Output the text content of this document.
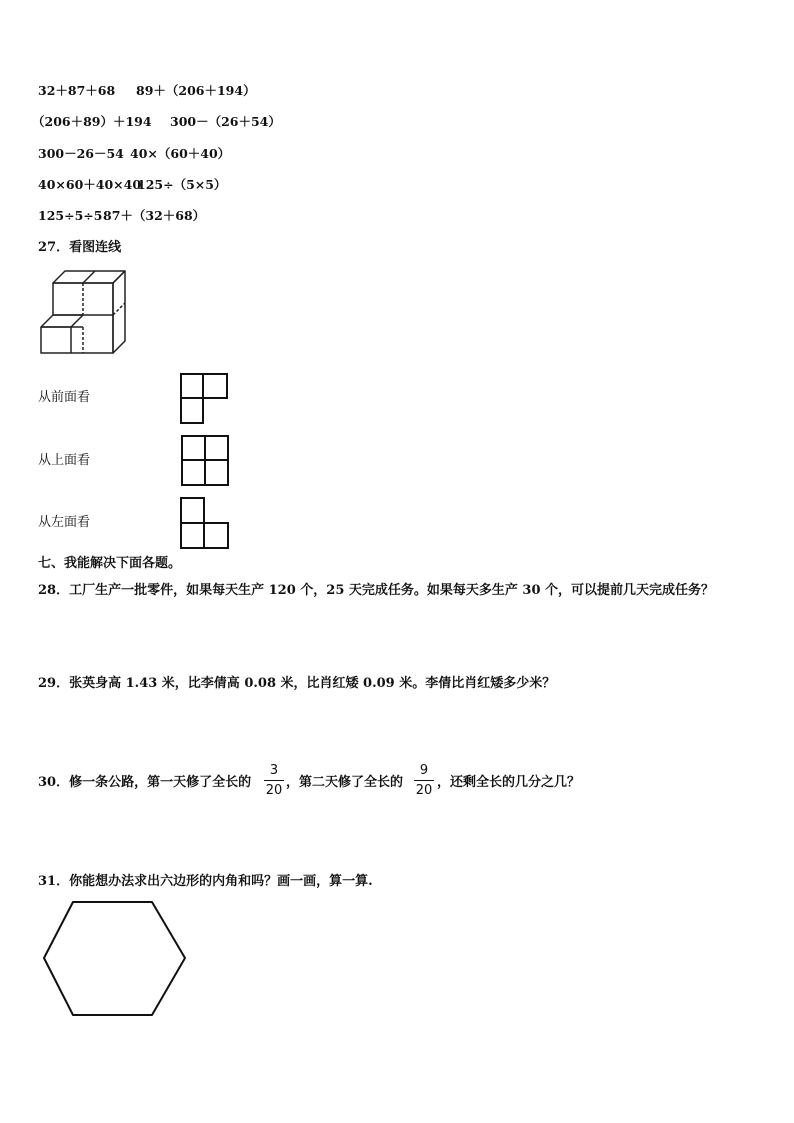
32＋87＋68 89＋（206＋194）
（206＋89）＋194 300－（26＋54）
300－26－54 40×（60＋40）
40×60＋40×40
125÷（5×5）
125÷5÷5 87＋（32＋68）
27．看图连线
从前面看
从上面看
从左面看
七、我能解决下面各题。
28．工厂生产一批零件，如果每天生产 120 个，25 天完成任务。如果每天多生产 30 个，可以提前几天完成任务？
29．张英身高 1.43 米，比李倩高 0.08 米，比肖红矮 0.09 米。李倩比肖红矮多少米？
30．修一条公路，第一天修了全长的
3
20
，第二天修了全长的
9
20
，还剩全长的几分之几？
31．你能想办法求出六边形的内角和吗？画一画，算一算.
